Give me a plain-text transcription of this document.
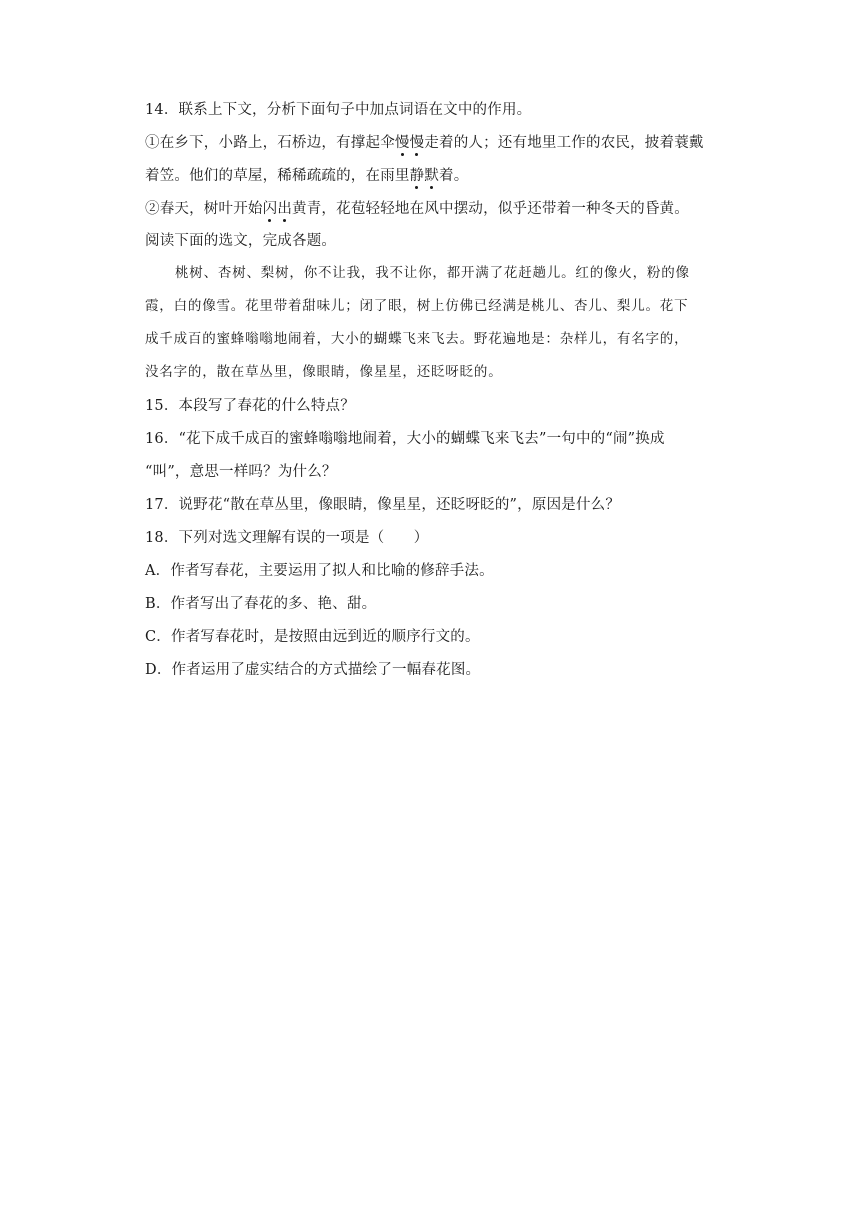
14．联系上下文，分析下面句子中加点词语在文中的作用。
①在乡下，小路上，石桥边，有撑起伞慢慢走着的人；还有地里工作的农民，披着蓑戴
着笠。他们的草屋，稀稀疏疏的，在雨里静默着。
②春天，树叶开始闪出黄青，花苞轻轻地在风中摆动，似乎还带着一种冬天的昏黄。
阅读下面的选文，完成各题。
桃树、杏树、梨树，你不让我，我不让你，都开满了花赶趟儿。红的像火，粉的像
霞，白的像雪。花里带着甜味儿；闭了眼，树上仿佛已经满是桃儿、杏儿、梨儿。花下
成千成百的蜜蜂嗡嗡地闹着，大小的蝴蝶飞来飞去。野花遍地是：杂样儿，有名字的，
没名字的，散在草丛里，像眼睛，像星星，还眨呀眨的。
15．本段写了春花的什么特点？
16．“花下成千成百的蜜蜂嗡嗡地闹着，大小的蝴蝶飞来飞去”一句中的“闹”换成
“叫”，意思一样吗？为什么？
17．说野花“散在草丛里，像眼睛，像星星，还眨呀眨的”，原因是什么？
18．下列对选文理解有误的一项是（　　）
A．作者写春花，主要运用了拟人和比喻的修辞手法。
B．作者写出了春花的多、艳、甜。
C．作者写春花时，是按照由远到近的顺序行文的。
D．作者运用了虚实结合的方式描绘了一幅春花图。
